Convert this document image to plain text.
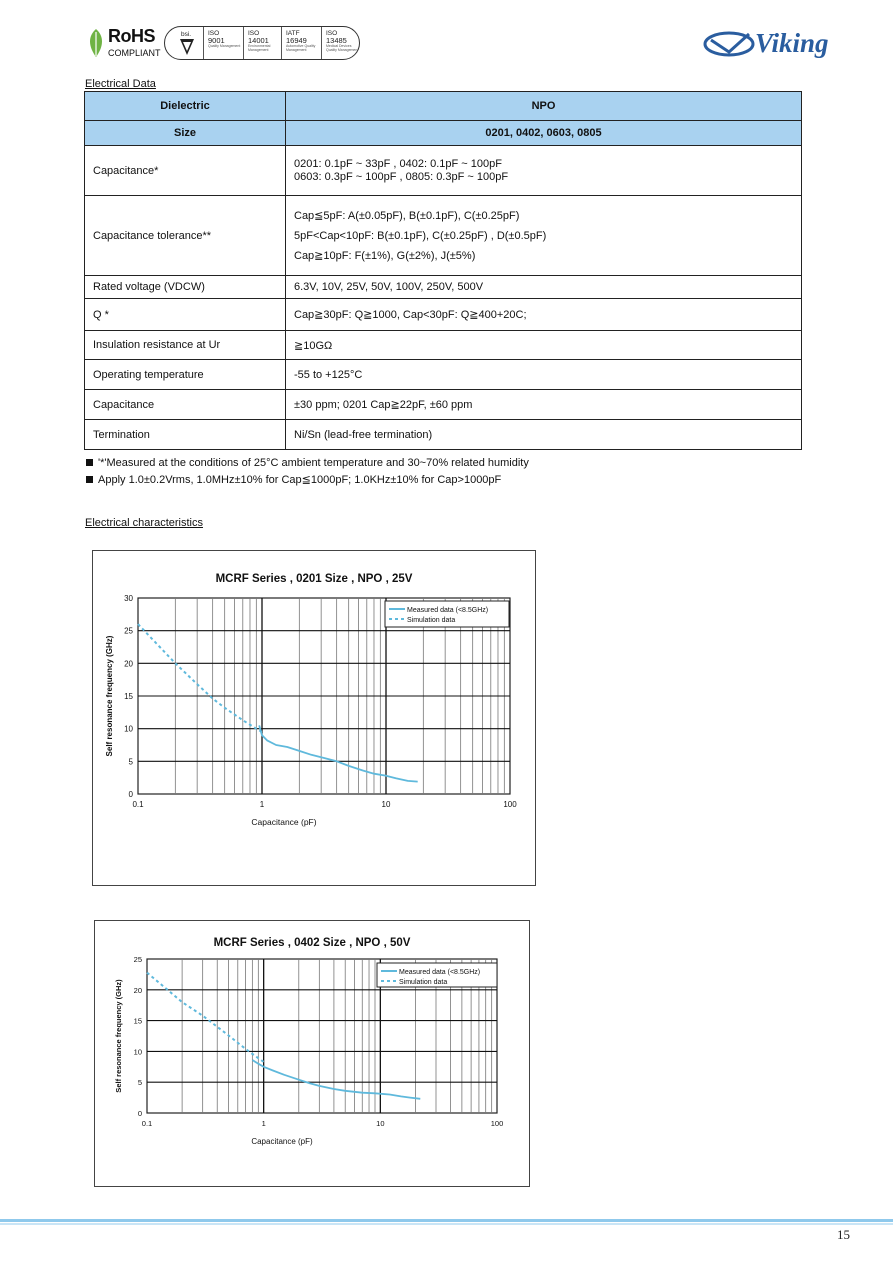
RoHS
COMPLIANT
bsi.	ISO
9001
Quality Management
ISO
14001
Environmental Management
IATF
16949
Automotive Quality Management
ISO
13485
Medical Devices Quality Management	Viking
Electrical Data
Dielectric	NPO
Size	0201, 0402, 0603, 0805
Capacitance*	0201: 0.1pF ~ 33pF , 0402: 0.1pF ~ 100pF
0603: 0.3pF ~ 100pF , 0805: 0.3pF ~ 100pF

Capacitance tolerance**	Cap≦5pF: A(±0.05pF), B(±0.1pF), C(±0.25pF)
5pF<Cap<10pF: B(±0.1pF), C(±0.25pF) , D(±0.5pF)
Cap≧10pF: F(±1%), G(±2%), J(±5%)

Rated voltage (VDCW)	6.3V, 10V, 25V, 50V, 100V, 250V, 500V
Q *	Cap≧30pF: Q≧1000, Cap<30pF: Q≧400+20C;
Insulation resistance at Ur	≧10GΩ
Operating temperature	-55 to +125°C
Capacitance	±30 ppm; 0201 Cap≧22pF, ±60 ppm
Termination	Ni/Sn (lead-free termination)
'*'Measured at the conditions of 25°C ambient temperature and 30~70% related humidity
Apply 1.0±0.2Vrms, 1.0MHz±10% for Cap≦1000pF; 1.0KHz±10% for Cap>1000pF
Electrical characteristics
MCRF Series , 0201 Size , NPO , 25V
0
5
10
15
20
25
30
0.1	1	10	100
Capacitance (pF)
Self resonance frequency (GHz)
Measured data (<8.5GHz)
Simulation data
MCRF Series , 0402 Size , NPO , 50V
0
5
10
15
20
25
0.1	1	10	100
Capacitance (pF)
Self resonance frequency (GHz)
Measured data (<8.5GHz)
Simulation data
15
